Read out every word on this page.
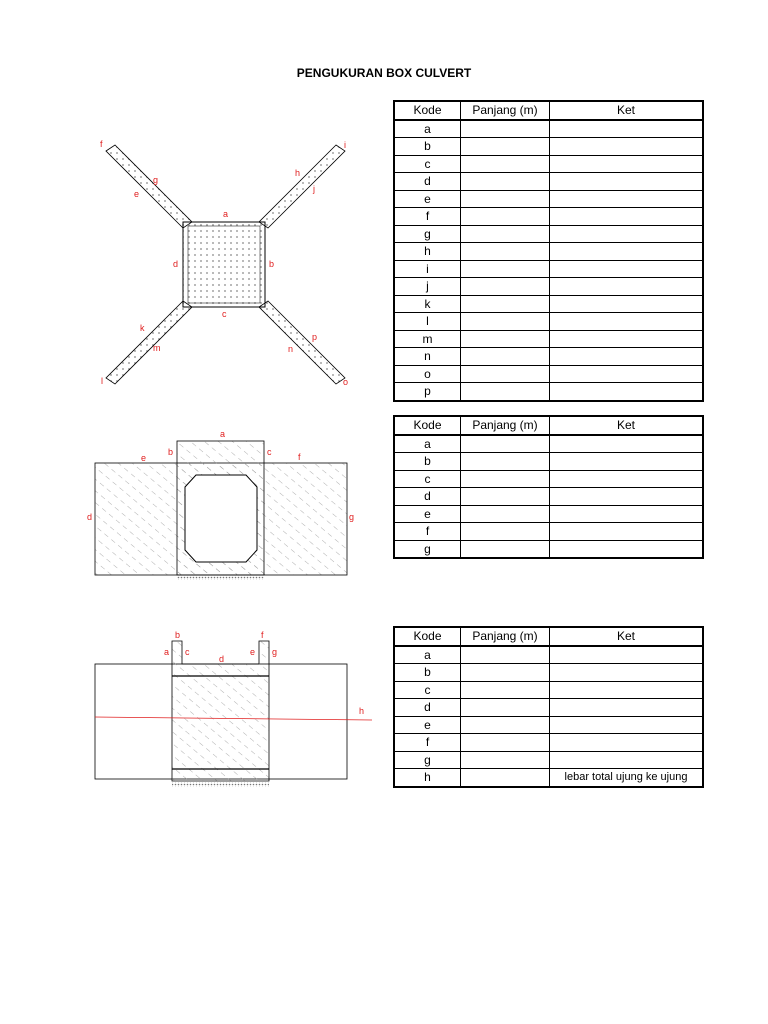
PENGUKURAN BOX CULVERT
a
b
c
d
e
f
g
h
i
j
k
l
m	n
o
p
a
b	c
d
e	f
g
a
b
c
d
e
f
g
h
Kode	Panjang (m)	Ket
a		
b		
c		
d		
e		
f		
g		
h		
i		
j		
k		
l		
m		
n		
o		
p		
Kode	Panjang (m)	Ket
a		
b		
c		
d		
e		
f		
g		
Kode	Panjang (m)	Ket
a		
b		
c		
d		
e		
f		
g		
h		lebar total ujung ke ujung
